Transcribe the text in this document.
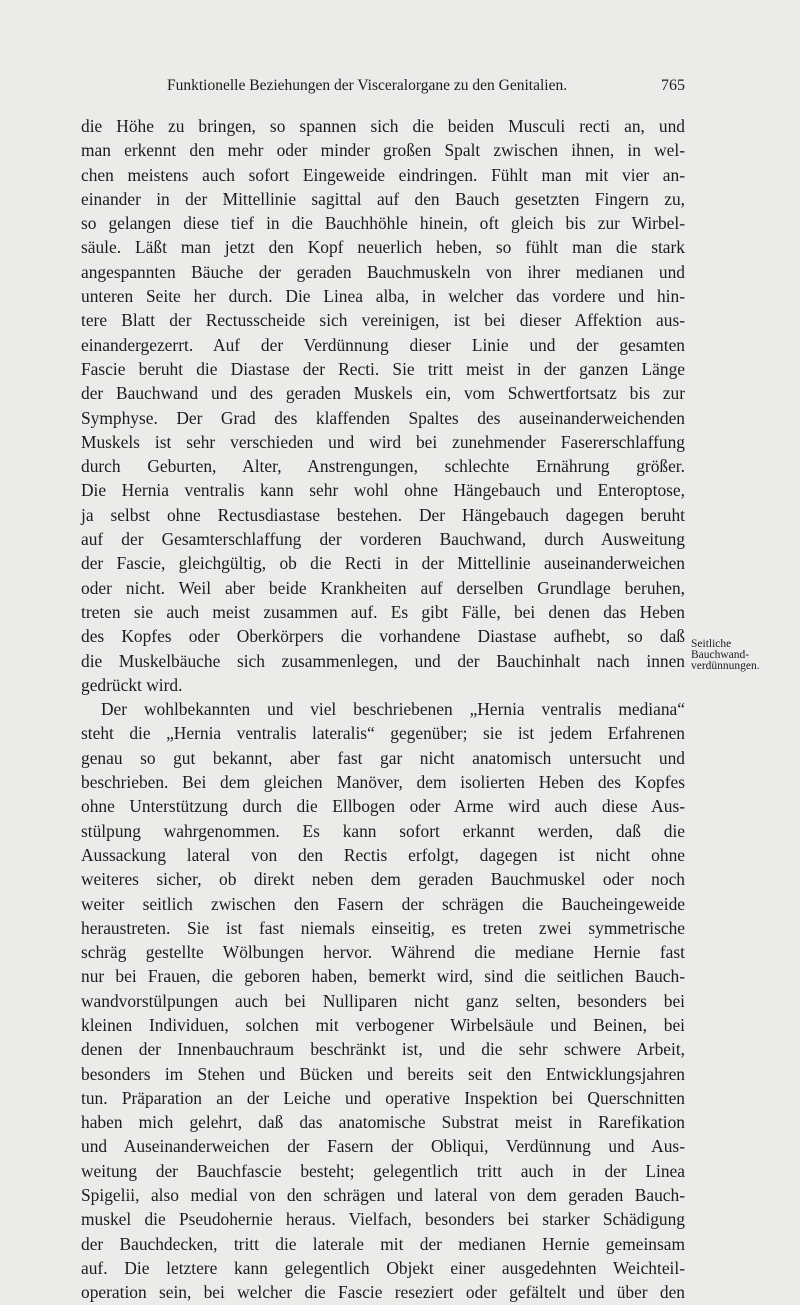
Funktionelle Beziehungen der Visceralorgane zu den Genitalien.	765
Seitliche
Bauchwand-
verdünnungen.
die Höhe zu bringen, so spannen sich die beiden Musculi recti an, und
man erkennt den mehr oder minder großen Spalt zwischen ihnen, in wel-
chen meistens auch sofort Eingeweide eindringen. Fühlt man mit vier an-
einander in der Mittellinie sagittal auf den Bauch gesetzten Fingern zu,
so gelangen diese tief in die Bauchhöhle hinein, oft gleich bis zur Wirbel-
säule. Läßt man jetzt den Kopf neuerlich heben, so fühlt man die stark
angespannten Bäuche der geraden Bauchmuskeln von ihrer medianen und
unteren Seite her durch. Die Linea alba, in welcher das vordere und hin-
tere Blatt der Rectusscheide sich vereinigen, ist bei dieser Affektion aus-
einandergezerrt. Auf der Verdünnung dieser Linie und der gesamten
Fascie beruht die Diastase der Recti. Sie tritt meist in der ganzen Länge
der Bauchwand und des geraden Muskels ein, vom Schwertfortsatz bis zur
Symphyse. Der Grad des klaffenden Spaltes des auseinanderweichenden
Muskels ist sehr verschieden und wird bei zunehmender Fasererschlaffung
durch Geburten, Alter, Anstrengungen, schlechte Ernährung größer.
Die Hernia ventralis kann sehr wohl ohne Hängebauch und Enteroptose,
ja selbst ohne Rectusdiastase bestehen. Der Hängebauch dagegen beruht
auf der Gesamterschlaffung der vorderen Bauchwand, durch Ausweitung
der Fascie, gleichgültig, ob die Recti in der Mittellinie auseinanderweichen
oder nicht. Weil aber beide Krankheiten auf derselben Grundlage beruhen,
treten sie auch meist zusammen auf. Es gibt Fälle, bei denen das Heben
des Kopfes oder Oberkörpers die vorhandene Diastase aufhebt, so daß
die Muskelbäuche sich zusammenlegen, und der Bauchinhalt nach innen
gedrückt wird.
Der wohlbekannten und viel beschriebenen „Hernia ventralis mediana“
steht die „Hernia ventralis lateralis“ gegenüber; sie ist jedem Erfahrenen
genau so gut bekannt, aber fast gar nicht anatomisch untersucht und
beschrieben. Bei dem gleichen Manöver, dem isolierten Heben des Kopfes
ohne Unterstützung durch die Ellbogen oder Arme wird auch diese Aus-
stülpung wahrgenommen. Es kann sofort erkannt werden, daß die
Aussackung lateral von den Rectis erfolgt, dagegen ist nicht ohne
weiteres sicher, ob direkt neben dem geraden Bauchmuskel oder noch
weiter seitlich zwischen den Fasern der schrägen die Baucheingeweide
heraustreten. Sie ist fast niemals einseitig, es treten zwei symmetrische
schräg gestellte Wölbungen hervor. Während die mediane Hernie fast
nur bei Frauen, die geboren haben, bemerkt wird, sind die seitlichen Bauch-
wandvorstülpungen auch bei Nulliparen nicht ganz selten, besonders bei
kleinen Individuen, solchen mit verbogener Wirbelsäule und Beinen, bei
denen der Innenbauchraum beschränkt ist, und die sehr schwere Arbeit,
besonders im Stehen und Bücken und bereits seit den Entwicklungsjahren
tun. Präparation an der Leiche und operative Inspektion bei Querschnitten
haben mich gelehrt, daß das anatomische Substrat meist in Rarefikation
und Auseinanderweichen der Fasern der Obliqui, Verdünnung und Aus-
weitung der Bauchfascie besteht; gelegentlich tritt auch in der Linea
Spigelii, also medial von den schrägen und lateral von dem geraden Bauch-
muskel die Pseudohernie heraus. Vielfach, besonders bei starker Schädigung
der Bauchdecken, tritt die laterale mit der medianen Hernie gemeinsam
auf. Die letztere kann gelegentlich Objekt einer ausgedehnten Weichteil-
operation sein, bei welcher die Fascie reseziert oder gefältelt und über den
